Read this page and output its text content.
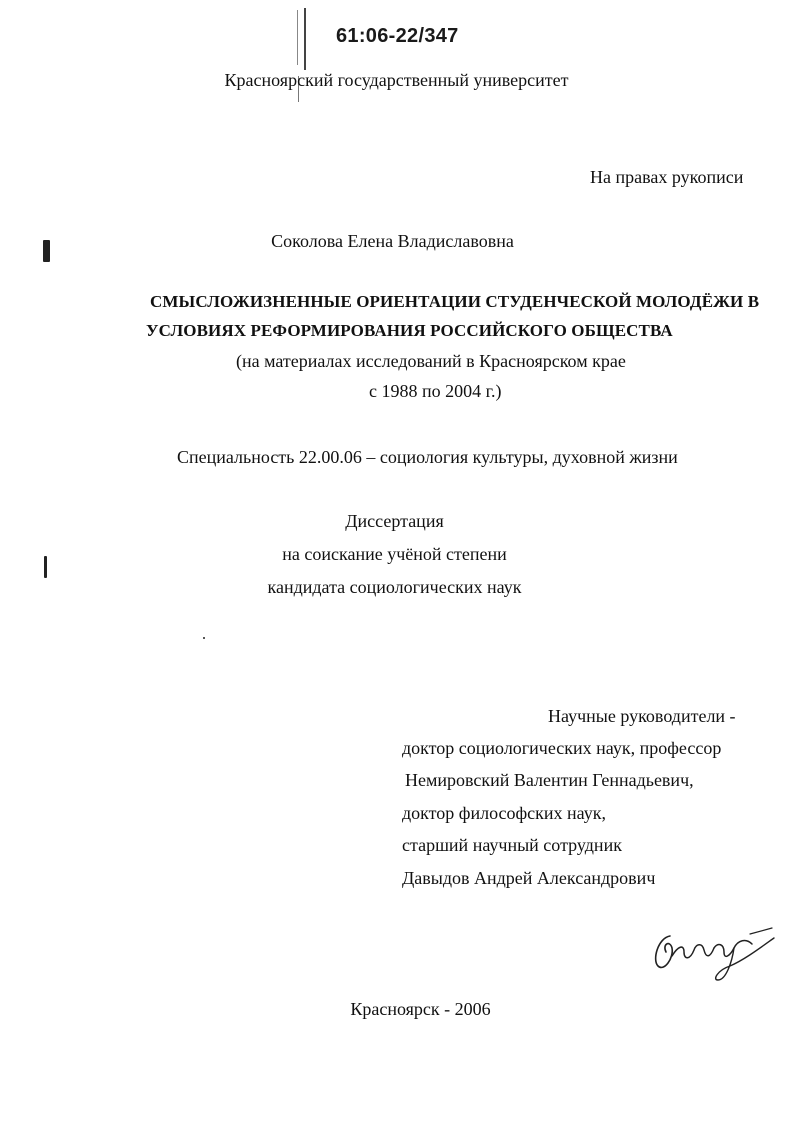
61:06-22/347
Красноярский государственный университет
На правах рукописи
Соколова Елена Владиславовна
СМЫСЛОЖИЗНЕННЫЕ ОРИЕНТАЦИИ СТУДЕНЧЕСКОЙ МОЛОДЁЖИ В
УСЛОВИЯХ РЕФОРМИРОВАНИЯ РОССИЙСКОГО ОБЩЕСТВА
(на материалах исследований в Красноярском крае
с 1988 по 2004 г.)
Специальность 22.00.06 – социология культуры, духовной жизни
Диссертация
на соискание учёной степени
кандидата социологических наук
Научные руководители -
доктор социологических наук, профессор
Немировский Валентин Геннадьевич,
доктор философских наук,
старший научный сотрудник
Давыдов Андрей Александрович
Красноярск - 2006
